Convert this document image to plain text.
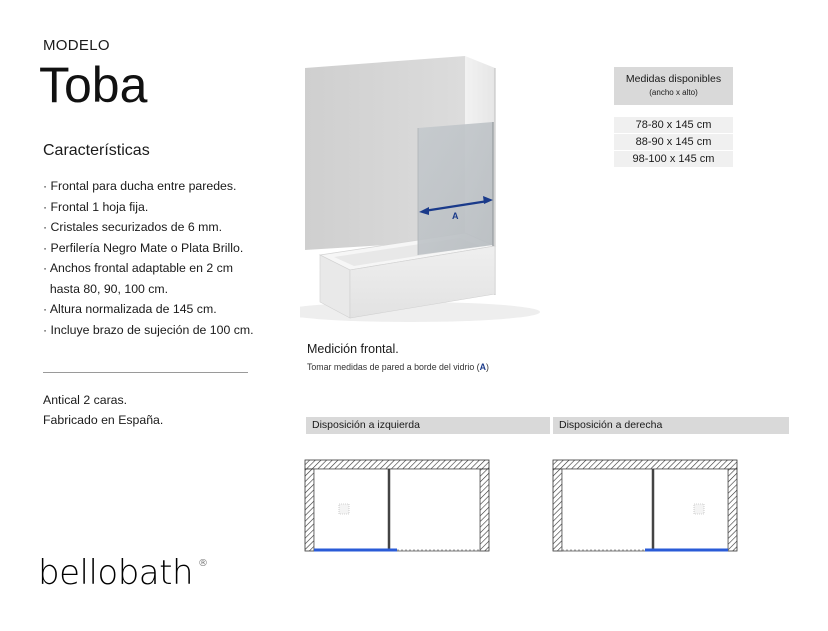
MODELO
Toba
Características
· Frontal para ducha entre paredes.
· Frontal 1 hoja fija.
· Cristales securizados de 6 mm.
· Perfilería Negro Mate o Plata Brillo.
· Anchos frontal adaptable en 2 cm
hasta 80, 90, 100 cm.
· Altura normalizada de 145 cm.
· Incluye brazo de sujeción de 100 cm.
Antical 2 caras.
Fabricado en España.
bellobath ®
A
Medición frontal.
Tomar medidas de pared a borde del vidrio (A)
Medidas disponibles
(ancho x alto)
78-80 x 145 cm
88-90 x 145 cm
98-100 x 145 cm
Disposición a izquierda	Disposición a derecha
